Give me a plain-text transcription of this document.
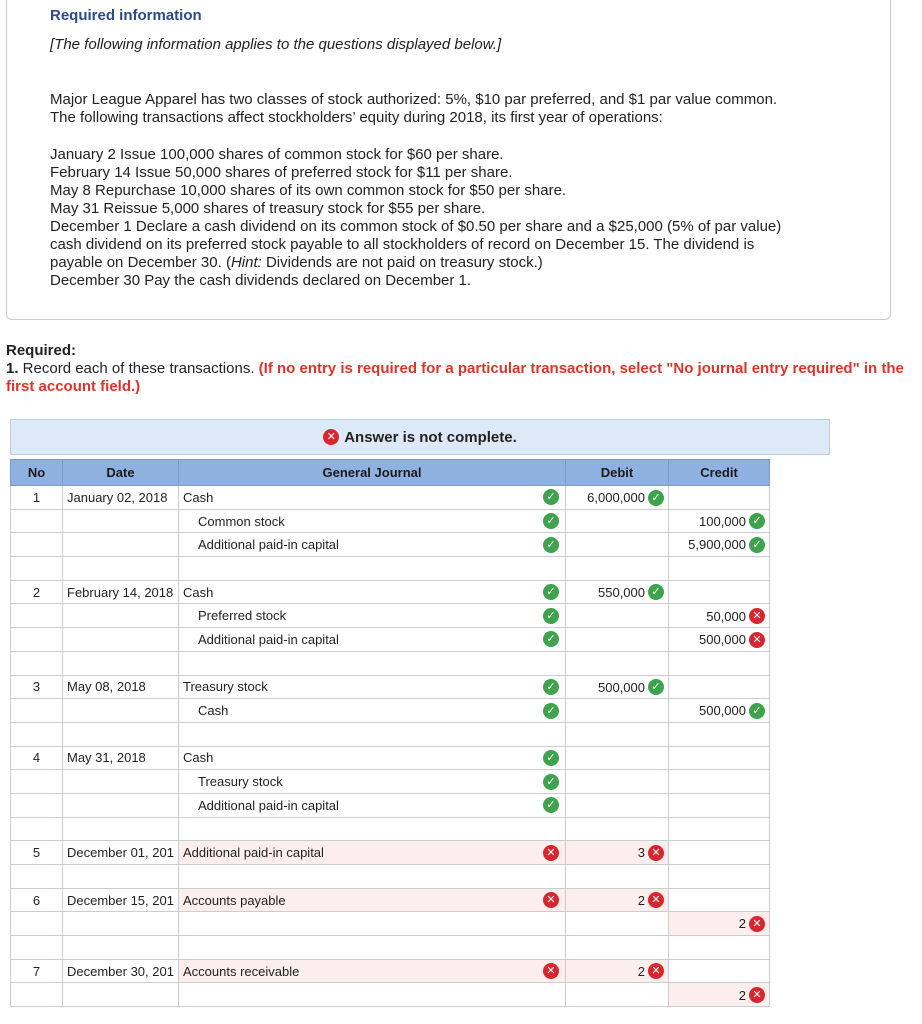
Required information
[The following information applies to the questions displayed below.]
Major League Apparel has two classes of stock authorized: 5%, $10 par preferred, and $1 par value common.
The following transactions affect stockholders’ equity during 2018, its first year of operations:
January 2 Issue 100,000 shares of common stock for $60 per share.
February 14 Issue 50,000 shares of preferred stock for $11 per share.
May 8 Repurchase 10,000 shares of its own common stock for $50 per share.
May 31 Reissue 5,000 shares of treasury stock for $55 per share.
December 1 Declare a cash dividend on its common stock of $0.50 per share and a $25,000 (5% of par value)
cash dividend on its preferred stock payable to all stockholders of record on December 15. The dividend is
payable on December 30. (Hint: Dividends are not paid on treasury stock.)
December 30 Pay the cash dividends declared on December 1.
Required:
1. Record each of these transactions. (If no entry is required for a particular transaction, select "No journal entry required" in the first account field.)
✕ Answer is not complete.
No	Date	General Journal	Debit	Credit
1	January 02, 2018	Cash ✓	6,000,000 ✓	
		Common stock ✓		100,000 ✓
		Additional paid-in capital ✓		5,900,000 ✓

2	February 14, 2018	Cash ✓	550,000 ✓	
		Preferred stock ✓		50,000 ✕
		Additional paid-in capital ✓		500,000 ✕

3	May 08, 2018	Treasury stock ✓	500,000 ✓	
		Cash ✓		500,000 ✓

4	May 31, 2018	Cash ✓		

		Treasury stock ✓		

		Additional paid-in capital ✓		

5	December 01, 201	Additional paid-in capital ✕	3 ✕	

6	December 15, 201	Accounts payable ✕	2 ✕	
				2 ✕

7	December 30, 201	Accounts receivable ✕	2 ✕	
				2 ✕
